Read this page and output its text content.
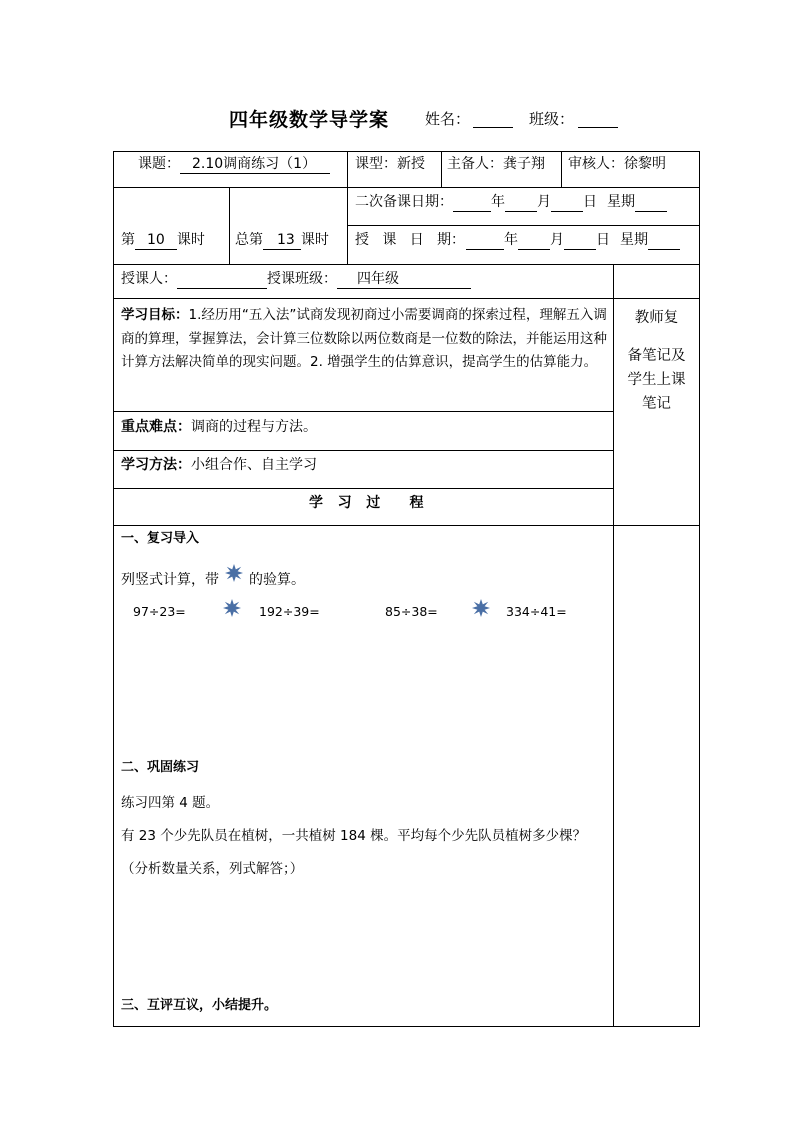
四年级数学导学案 姓名：	班级：
课题： 2.10调商练习（1）	课型：新授 主备人：龚子翔 审核人：徐黎明
第 10 课时 总第 13 课时
二次备课日期：	年 月 日 星期
授   课   日   期：	年 月 日 星期
授课人：	授课班级： 四年级
学习目标：1.经历用“五入法”试商发现初商过小需要调商的探索过程，理解五入调商的算理，掌握算法，会计算三位数除以两位数商是一位数的除法，并能运用这种计算方法解决简单的现实问题。2. 增强学生的估算意识，提高学生的估算能力。
重点难点：调商的过程与方法。
学习方法：小组合作、自主学习
学   习   过      程
教师复
备笔记及
学生上课
笔记
一、复习导入
列竖式计算，带 的验算。
97÷23=	192÷39=	85÷38=	334÷41=
二、巩固练习
练习四第 4 题。
有 23 个少先队员在植树，一共植树 184 棵。平均每个少先队员植树多少棵？
（分析数量关系，列式解答；）
三、互评互议，小结提升。
